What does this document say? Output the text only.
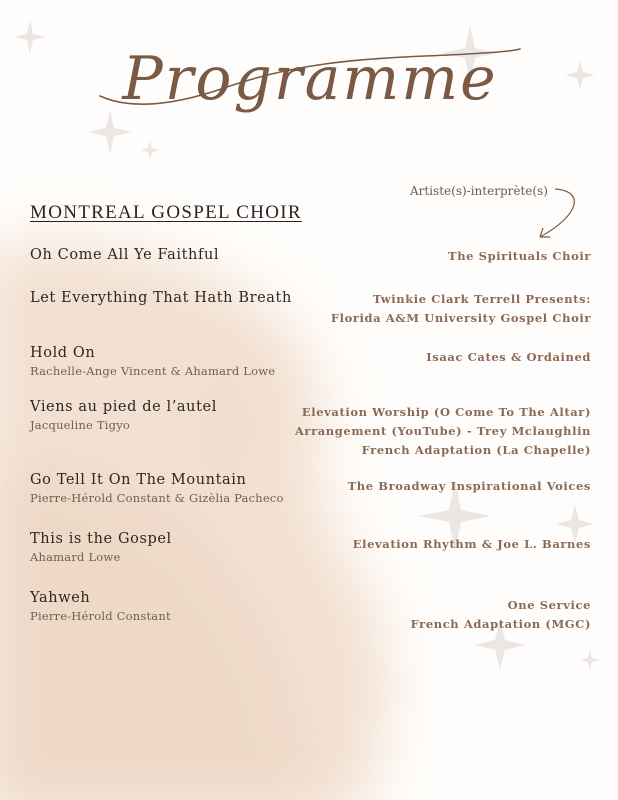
Programme
Artiste(s)-interprète(s)
MONTREAL GOSPEL CHOIR
Oh Come All Ye Faithful	The Spirituals Choir
Let Everything That Hath Breath	Twinkie Clark Terrell Presents:
Florida A&M University Gospel Choir
Hold On
Rachelle-Ange Vincent & Ahamard Lowe
Isaac Cates & Ordained
Viens au pied de l’autel
Jacqueline Tigyo
Elevation Worship (O Come To The Altar)
Arrangement (YouTube) - Trey Mclaughlin
French Adaptation (La Chapelle)
Go Tell It On The Mountain
Pierre-Hérold Constant & Gizèlia Pacheco
The Broadway Inspirational Voices
This is the Gospel
Ahamard Lowe
Elevation Rhythm & Joe L. Barnes
Yahweh
Pierre-Hérold Constant
One Service
French Adaptation (MGC)
